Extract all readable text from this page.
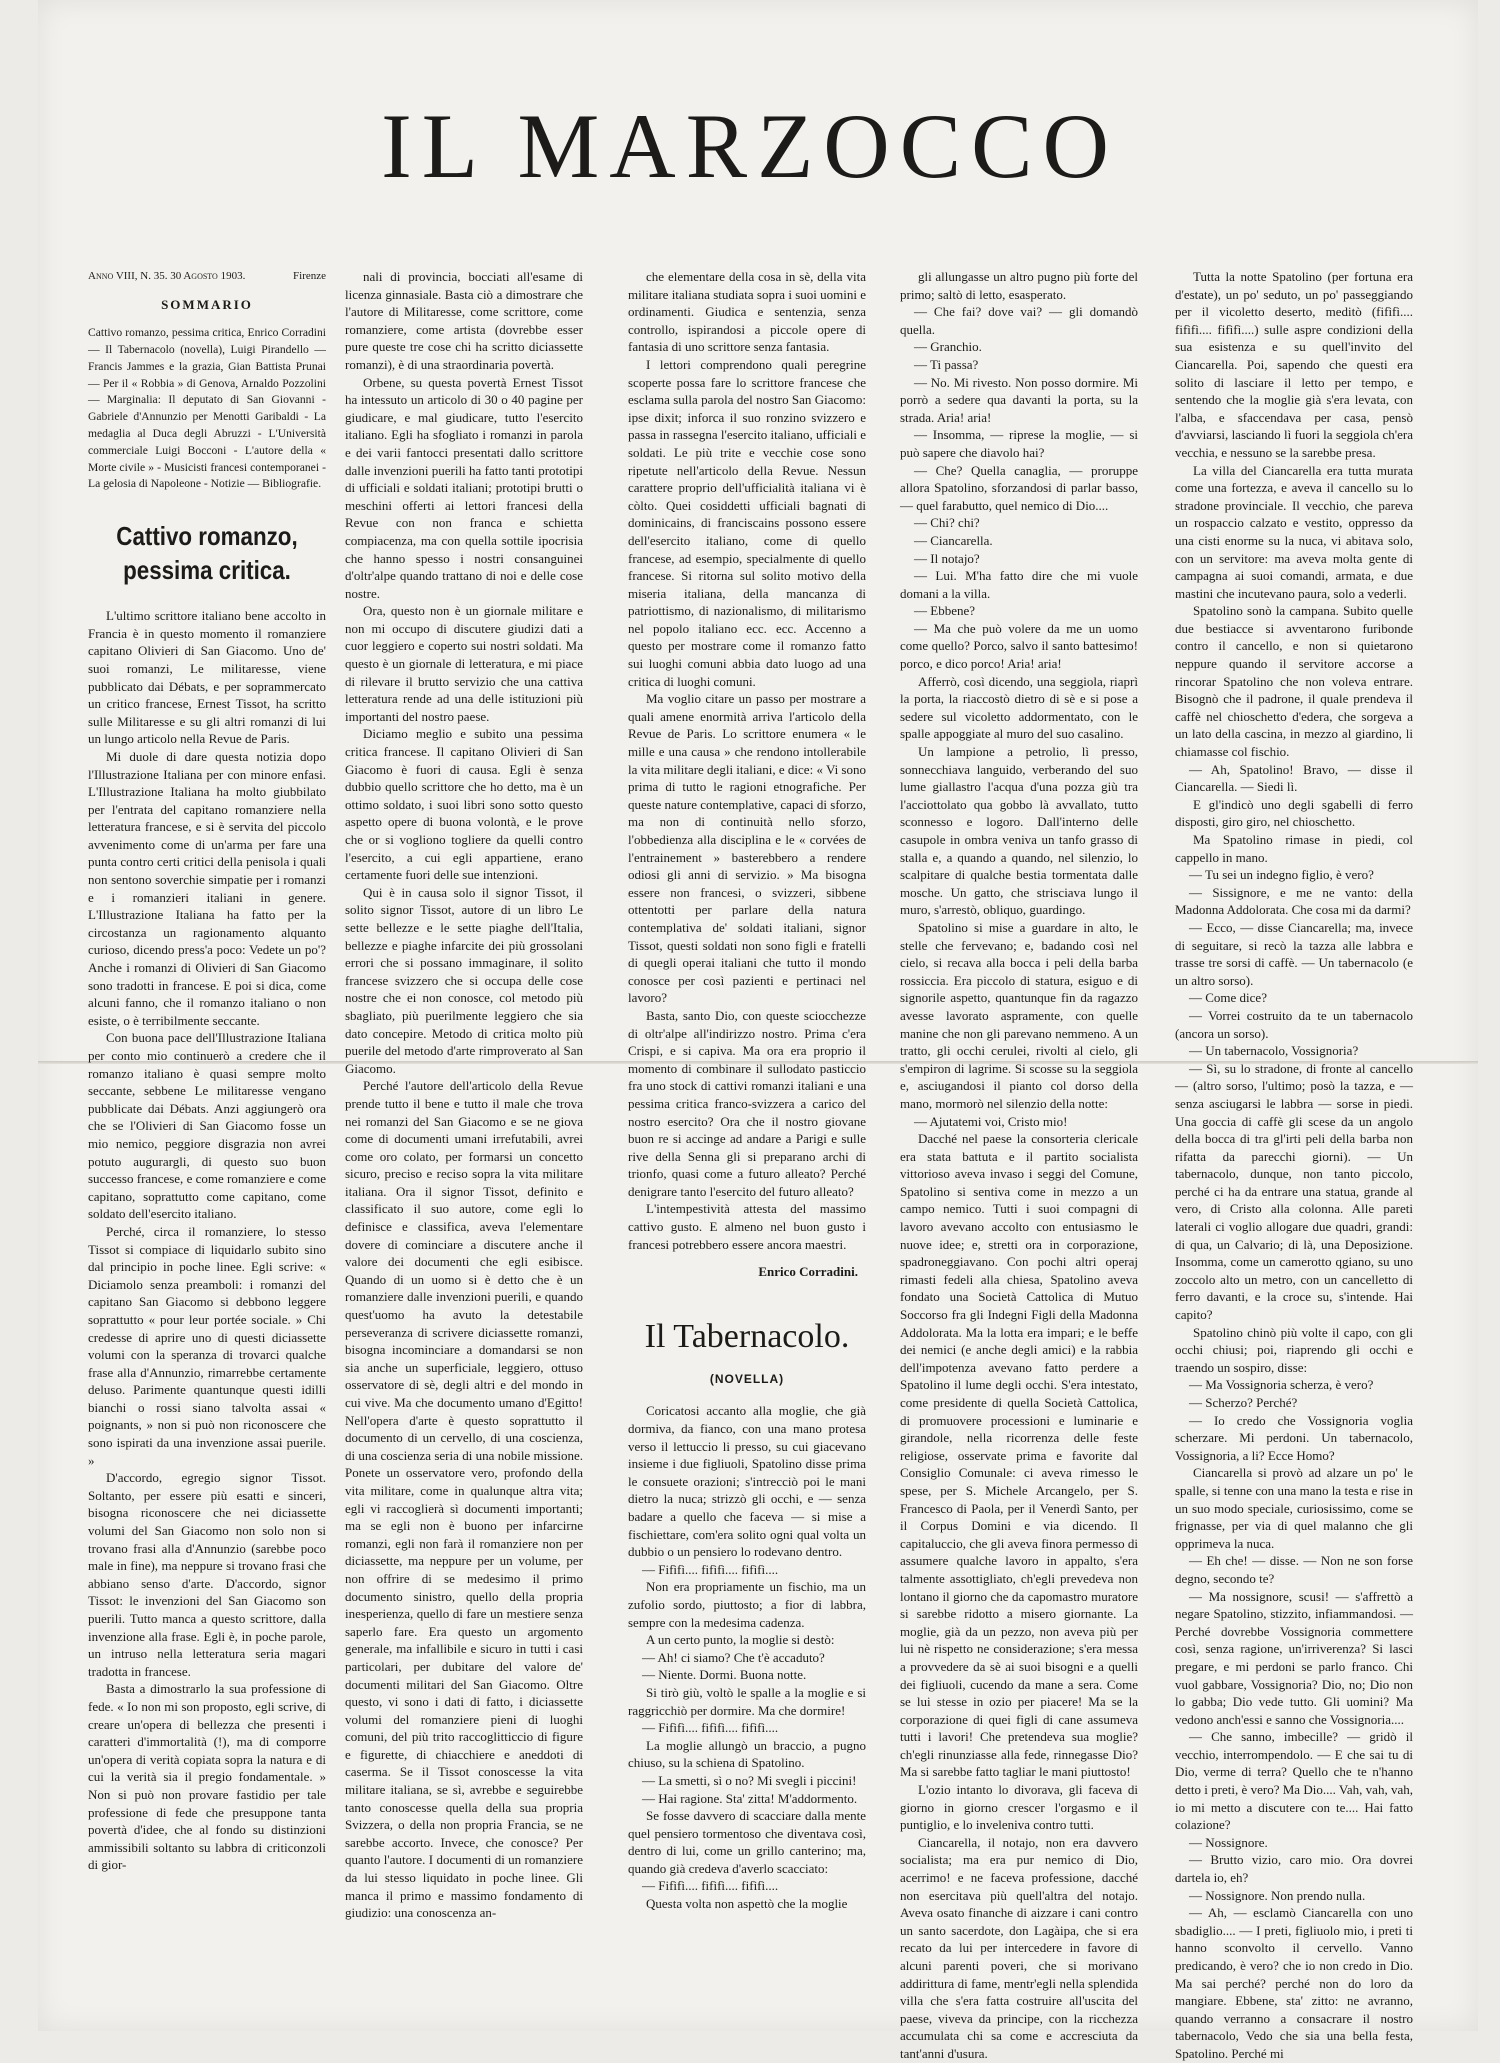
IL MARZOCCO
Anno VIII, N. 35. 30 Agosto 1903.	Firenze
SOMMARIO

Cattivo romanzo, pessima critica, Enrico Corradini — Il Tabernacolo (novella), Luigi Pirandello — Francis Jammes e la grazia, Gian Battista Prunai — Per il « Robbia » di Genova, Arnaldo Pozzolini — Marginalia: Il deputato di San Giovanni - Gabriele d'Annunzio per Menotti Garibaldi - La medaglia al Duca degli Abruzzi - L'Università commerciale Luigi Bocconi - L'autore della « Morte civile » - Musicisti francesi contemporanei - La gelosia di Napoleone - Notizie — Bibliografie.

Cattivo romanzo,
pessima critica.

L'ultimo scrittore italiano bene accolto in Francia è in questo momento il romanziere capitano Olivieri di San Giacomo. Uno de' suoi romanzi, Le militaresse, viene pubblicato dai Débats, e per soprammercato un critico francese, Ernest Tissot, ha scritto sulle Militaresse e su gli altri romanzi di lui un lungo articolo nella Revue de Paris.

Mi duole di dare questa notizia dopo l'Illustrazione Italiana per con minore enfasi. L'Illustrazione Italiana ha molto giubbilato per l'entrata del capitano romanziere nella letteratura francese, e si è servita del piccolo avvenimento come di un'arma per fare una punta contro certi critici della penisola i quali non sentono soverchie simpatie per i romanzi e i romanzieri italiani in genere. L'Illustrazione Italiana ha fatto per la circostanza un ragionamento alquanto curioso, dicendo press'a poco: Vedete un po'? Anche i romanzi di Olivieri di San Giacomo sono tradotti in francese. E poi si dica, come alcuni fanno, che il romanzo italiano o non esiste, o è terribilmente seccante.

Con buona pace dell'Illustrazione Italiana per conto mio continuerò a credere che il romanzo italiano è quasi sempre molto seccante, sebbene Le militaresse vengano pubblicate dai Débats. Anzi aggiungerò ora che se l'Olivieri di San Giacomo fosse un mio nemico, peggiore disgrazia non avrei potuto augurargli, di questo suo buon successo francese, e come romanziere e come capitano, soprattutto come capitano, come soldato dell'esercito italiano.

Perché, circa il romanziere, lo stesso Tissot si compiace di liquidarlo subito sino dal principio in poche linee. Egli scrive: « Diciamolo senza preamboli: i romanzi del capitano San Giacomo si debbono leggere soprattutto « pour leur portée sociale. » Chi credesse di aprire uno di questi diciassette volumi con la speranza di trovarci qualche frase alla d'Annunzio, rimarrebbe certamente deluso. Parimente quantunque questi idilli bianchi o rossi siano talvolta assai « poignants, » non si può non riconoscere che sono ispirati da una invenzione assai puerile. »

D'accordo, egregio signor Tissot. Soltanto, per essere più esatti e sinceri, bisogna riconoscere che nei diciassette volumi del San Giacomo non solo non si trovano frasi alla d'Annunzio (sarebbe poco male in fine), ma neppure si trovano frasi che abbiano senso d'arte. D'accordo, signor Tissot: le invenzioni del San Giacomo son puerili. Tutto manca a questo scrittore, dalla invenzione alla frase. Egli è, in poche parole, un intruso nella letteratura seria magari tradotta in francese.

Basta a dimostrarlo la sua professione di fede. « Io non mi son proposto, egli scrive, di creare un'opera di bellezza che presenti i caratteri d'immortalità (!), ma di comporre un'opera di verità copiata sopra la natura e di cui la verità sia il pregio fondamentale. » Non si può non provare fastidio per tale professione di fede che presuppone tanta povertà d'idee, che al fondo su distinzioni ammissibili soltanto su labbra di criticonzoli di gior-

nali di provincia, bocciati all'esame di licenza ginnasiale. Basta ciò a dimostrare che l'autore di Militaresse, come scrittore, come romanziere, come artista (dovrebbe esser pure queste tre cose chi ha scritto diciassette romanzi), è di una straordinaria povertà.

Orbene, su questa povertà Ernest Tissot ha intessuto un articolo di 30 o 40 pagine per giudicare, e mal giudicare, tutto l'esercito italiano. Egli ha sfogliato i romanzi in parola e dei varii fantocci presentati dallo scrittore dalle invenzioni puerili ha fatto tanti prototipi di ufficiali e soldati italiani; prototipi brutti o meschini offerti ai lettori francesi della Revue con non franca e schietta compiacenza, ma con quella sottile ipocrisia che hanno spesso i nostri consanguinei d'oltr'alpe quando trattano di noi e delle cose nostre.

Ora, questo non è un giornale militare e non mi occupo di discutere giudizi dati a cuor leggiero e coperto sui nostri soldati. Ma questo è un giornale di letteratura, e mi piace di rilevare il brutto servizio che una cattiva letteratura rende ad una delle istituzioni più importanti del nostro paese.

Diciamo meglio e subito una pessima critica francese. Il capitano Olivieri di San Giacomo è fuori di causa. Egli è senza dubbio quello scrittore che ho detto, ma è un ottimo soldato, i suoi libri sono sotto questo aspetto opere di buona volontà, e le prove che or si vogliono togliere da quelli contro l'esercito, a cui egli appartiene, erano certamente fuori delle sue intenzioni.

Qui è in causa solo il signor Tissot, il solito signor Tissot, autore di un libro Le sette bellezze e le sette piaghe dell'Italia, bellezze e piaghe infarcite dei più grossolani errori che si possano immaginare, il solito francese svizzero che si occupa delle cose nostre che ei non conosce, col metodo più sbagliato, più puerilmente leggiero che sia dato concepire. Metodo di critica molto più puerile del metodo d'arte rimproverato al San Giacomo.

Perché l'autore dell'articolo della Revue prende tutto il bene e tutto il male che trova nei romanzi del San Giacomo e se ne giova come di documenti umani irrefutabili, avrei come oro colato, per formarsi un concetto sicuro, preciso e reciso sopra la vita militare italiana. Ora il signor Tissot, definito e classificato il suo autore, come egli lo definisce e classifica, aveva l'elementare dovere di cominciare a discutere anche il valore dei documenti che egli esibisce. Quando di un uomo si è detto che è un romanziere dalle invenzioni puerili, e quando quest'uomo ha avuto la detestabile perseveranza di scrivere diciassette romanzi, bisogna incominciare a domandarsi se non sia anche un superficiale, leggiero, ottuso osservatore di sè, degli altri e del mondo in cui vive. Ma che documento umano d'Egitto! Nell'opera d'arte è questo soprattutto il documento di un cervello, di una coscienza, di una coscienza seria di una nobile missione. Ponete un osservatore vero, profondo della vita militare, come in qualunque altra vita; egli vi raccoglierà sì documenti importanti; ma se egli non è buono per infarcirne romanzi, egli non farà il romanziere non per diciassette, ma neppure per un volume, per non offrire di se medesimo il primo documento sinistro, quello della propria inesperienza, quello di fare un mestiere senza saperlo fare. Era questo un argomento generale, ma infallibile e sicuro in tutti i casi particolari, per dubitare del valore de' documenti militari del San Giacomo. Oltre questo, vi sono i dati di fatto, i diciassette volumi del romanziere pieni di luoghi comuni, del più trito raccoglitticcio di figure e figurette, di chiacchiere e aneddoti di caserma. Se il Tissot conoscesse la vita militare italiana, se sì, avrebbe e seguirebbe tanto conoscesse quella della sua propria Svizzera, o della non propria Francia, se ne sarebbe accorto. Invece, che conosce? Per quanto l'autore. I documenti di un romanziere da lui stesso liquidato in poche linee. Gli manca il primo e massimo fondamento di giudizio: una conoscenza an-

che elementare della cosa in sè, della vita militare italiana studiata sopra i suoi uomini e ordinamenti. Giudica e sentenzia, senza controllo, ispirandosi a piccole opere di fantasia di uno scrittore senza fantasia.

I lettori comprendono quali peregrine scoperte possa fare lo scrittore francese che esclama sulla parola del nostro San Giacomo: ipse dixit; inforca il suo ronzino svizzero e passa in rassegna l'esercito italiano, ufficiali e soldati. Le più trite e vecchie cose sono ripetute nell'articolo della Revue. Nessun carattere proprio dell'ufficialità italiana vi è còlto. Quei cosiddetti ufficiali bagnati di dominicains, di franciscains possono essere dell'esercito italiano, come di quello francese, ad esempio, specialmente di quello francese. Si ritorna sul solito motivo della miseria italiana, della mancanza di patriottismo, di nazionalismo, di militarismo nel popolo italiano ecc. ecc. Accenno a questo per mostrare come il romanzo fatto sui luoghi comuni abbia dato luogo ad una critica di luoghi comuni.

Ma voglio citare un passo per mostrare a quali amene enormità arriva l'articolo della Revue de Paris. Lo scrittore enumera « le mille e una causa » che rendono intollerabile la vita militare degli italiani, e dice: « Vi sono prima di tutto le ragioni etnografiche. Per queste nature contemplative, capaci di sforzo, ma non di continuità nello sforzo, l'obbedienza alla disciplina e le « corvées de l'entrainement » basterebbero a rendere odiosi gli anni di servizio. » Ma bisogna essere non francesi, o svizzeri, sibbene ottentotti per parlare della natura contemplativa de' soldati italiani, signor Tissot, questi soldati non sono figli e fratelli di quegli operai italiani che tutto il mondo conosce per così pazienti e pertinaci nel lavoro?

Basta, santo Dio, con queste sciocchezze di oltr'alpe all'indirizzo nostro. Prima c'era Crispi, e si capiva. Ma ora era proprio il momento di combinare il sullodato pasticcio fra uno stock di cattivi romanzi italiani e una pessima critica franco-svizzera a carico del nostro esercito? Ora che il nostro giovane buon re si accinge ad andare a Parigi e sulle rive della Senna gli si preparano archi di trionfo, quasi come a futuro alleato? Perché denigrare tanto l'esercito del futuro alleato?

L'intempestività attesta del massimo cattivo gusto. E almeno nel buon gusto i francesi potrebbero essere ancora maestri.

Enrico Corradini.

Il Tabernacolo.
(NOVELLA)

Coricatosi accanto alla moglie, che già dormiva, da fianco, con una mano protesa verso il lettuccio li presso, su cui giacevano insieme i due figliuoli, Spatolino disse prima le consuete orazioni; s'intrecciò poi le mani dietro la nuca; strizzò gli occhi, e — senza badare a quello che faceva — si mise a fischiettare, com'era solito ogni qual volta un dubbio o un pensiero lo rodevano dentro.

— Fifìfì.... fifìfì.... fifìfì....

Non era propriamente un fischio, ma un zufolio sordo, piuttosto; a fior di labbra, sempre con la medesima cadenza.

A un certo punto, la moglie si destò:

— Ah! ci siamo? Che t'è accaduto?

— Niente. Dormi. Buona notte.

Si tirò giù, voltò le spalle a la moglie e si raggricchiò per dormire. Ma che dormire!

— Fifìfì.... fifìfì.... fifìfì....

La moglie allungò un braccio, a pugno chiuso, su la schiena di Spatolino.

— La smetti, sì o no? Mi svegli i piccini!

— Hai ragione. Sta' zitta! M'addormento.

Se fosse davvero di scacciare dalla mente quel pensiero tormentoso che diventava così, dentro di lui, come un grillo canterino; ma, quando già credeva d'averlo scacciato:

— Fifìfì.... fifìfì.... fifìfì....

Questa volta non aspettò che la moglie

gli allungasse un altro pugno più forte del primo; saltò di letto, esasperato.

— Che fai? dove vai? — gli domandò quella.

— Granchio.

— Ti passa?

— No. Mi rivesto. Non posso dormire. Mi porrò a sedere qua davanti la porta, su la strada. Aria! aria!

— Insomma, — riprese la moglie, — si può sapere che diavolo hai?

— Che? Quella canaglia, — proruppe allora Spatolino, sforzandosi di parlar basso, — quel farabutto, quel nemico di Dio....

— Chi? chi?

— Ciancarella.

— Il notajo?

— Lui. M'ha fatto dire che mi vuole domani a la villa.

— Ebbene?

— Ma che può volere da me un uomo come quello? Porco, salvo il santo battesimo! porco, e dico porco! Aria! aria!

Afferrò, così dicendo, una seggiola, riaprì la porta, la riaccostò dietro di sè e si pose a sedere sul vicoletto addormentato, con le spalle appoggiate al muro del suo casalino.

Un lampione a petrolio, lì presso, sonnecchiava languido, verberando del suo lume giallastro l'acqua d'una pozza giù tra l'acciottolato qua gobbo là avvallato, tutto sconnesso e logoro. Dall'interno delle casupole in ombra veniva un tanfo grasso di stalla e, a quando a quando, nel silenzio, lo scalpitare di qualche bestia tormentata dalle mosche. Un gatto, che strisciava lungo il muro, s'arrestò, obliquo, guardingo.

Spatolino si mise a guardare in alto, le stelle che fervevano; e, badando così nel cielo, si recava alla bocca i peli della barba rossiccia. Era piccolo di statura, esiguo e di signorile aspetto, quantunque fin da ragazzo avesse lavorato aspramente, con quelle manine che non gli parevano nemmeno. A un tratto, gli occhi cerulei, rivolti al cielo, gli s'empiron di lagrime. Si scosse su la seggiola e, asciugandosi il pianto col dorso della mano, mormorò nel silenzio della notte:

— Ajutatemi voi, Cristo mio!

Dacché nel paese la consorteria clericale era stata battuta e il partito socialista vittorioso aveva invaso i seggi del Comune, Spatolino si sentiva come in mezzo a un campo nemico. Tutti i suoi compagni di lavoro avevano accolto con entusiasmo le nuove idee; e, stretti ora in corporazione, spadroneggiavano. Con pochi altri operaj rimasti fedeli alla chiesa, Spatolino aveva fondato una Società Cattolica di Mutuo Soccorso fra gli Indegni Figli della Madonna Addolorata. Ma la lotta era impari; e le beffe dei nemici (e anche degli amici) e la rabbia dell'impotenza avevano fatto perdere a Spatolino il lume degli occhi. S'era intestato, come presidente di quella Società Cattolica, di promuovere processioni e luminarie e girandole, nella ricorrenza delle feste religiose, osservate prima e favorite dal Consiglio Comunale: ci aveva rimesso le spese, per S. Michele Arcangelo, per S. Francesco di Paola, per il Venerdì Santo, per il Corpus Domini e via dicendo. Il capitaluccio, che gli aveva finora permesso di assumere qualche lavoro in appalto, s'era talmente assottigliato, ch'egli prevedeva non lontano il giorno che da capomastro muratore si sarebbe ridotto a misero giornante. La moglie, già da un pezzo, non aveva più per lui nè rispetto ne considerazione; s'era messa a provvedere da sè ai suoi bisogni e a quelli dei figliuoli, cucendo da mane a sera. Come se lui stesse in ozio per piacere! Ma se la corporazione di quei figli di cane assumeva tutti i lavori! Che pretendeva sua moglie? ch'egli rinunziasse alla fede, rinnegasse Dio? Ma si sarebbe fatto tagliar le mani piuttosto!

L'ozio intanto lo divorava, gli faceva di giorno in giorno crescer l'orgasmo e il puntiglio, e lo inveleniva contro tutti.

Ciancarella, il notajo, non era davvero socialista; ma era pur nemico di Dio, acerrimo! e ne faceva professione, dacché non esercitava più quell'altra del notajo. Aveva osato finanche di aizzare i cani contro un santo sacerdote, don Lagàipa, che si era recato da lui per intercedere in favore di alcuni parenti poveri, che si morivano addirittura di fame, mentr'egli nella splendida villa che s'era fatta costruire all'uscita del paese, viveva da principe, con la ricchezza accumulata chi sa come e accresciuta da tant'anni d'usura.

Tutta la notte Spatolino (per fortuna era d'estate), un po' seduto, un po' passeggiando per il vicoletto deserto, meditò (fifìfì.... fifìfì.... fifìfì....) sulle aspre condizioni della sua esistenza e su quell'invito del Ciancarella. Poi, sapendo che questi era solito di lasciare il letto per tempo, e sentendo che la moglie già s'era levata, con l'alba, e sfaccendava per casa, pensò d'avviarsi, lasciando lì fuori la seggiola ch'era vecchia, e nessuno se la sarebbe presa.

La villa del Ciancarella era tutta murata come una fortezza, e aveva il cancello su lo stradone provinciale. Il vecchio, che pareva un rospaccio calzato e vestito, oppresso da una cisti enorme su la nuca, vi abitava solo, con un servitore: ma aveva molta gente di campagna ai suoi comandi, armata, e due mastini che incutevano paura, solo a vederli.

Spatolino sonò la campana. Subito quelle due bestiacce si avventarono furibonde contro il cancello, e non si quietarono neppure quando il servitore accorse a rincorar Spatolino che non voleva entrare. Bisognò che il padrone, il quale prendeva il caffè nel chioschetto d'edera, che sorgeva a un lato della cascina, in mezzo al giardino, li chiamasse col fischio.

— Ah, Spatolino! Bravo, — disse il Ciancarella. — Siedi lì.

E gl'indicò uno degli sgabelli di ferro disposti, giro giro, nel chioschetto.

Ma Spatolino rimase in piedi, col cappello in mano.

— Tu sei un indegno figlio, è vero?

— Sissignore, e me ne vanto: della Madonna Addolorata. Che cosa mi da darmi?

— Ecco, — disse Ciancarella; ma, invece di seguitare, si recò la tazza alle labbra e trasse tre sorsi di caffè. — Un tabernacolo (e un altro sorso).

— Come dice?

— Vorrei costruito da te un tabernacolo (ancora un sorso).

— Un tabernacolo, Vossignoria?

— Sì, su lo stradone, di fronte al cancello — (altro sorso, l'ultimo; posò la tazza, e — senza asciugarsi le labbra — sorse in piedi. Una goccia di caffè gli scese da un angolo della bocca di tra gl'irti peli della barba non rifatta da parecchi giorni). — Un tabernacolo, dunque, non tanto piccolo, perché ci ha da entrare una statua, grande al vero, di Cristo alla colonna. Alle pareti laterali ci voglio allogare due quadri, grandi: di qua, un Calvario; di là, una Deposizione. Insomma, come un camerotto qgiano, su uno zoccolo alto un metro, con un cancelletto di ferro davanti, e la croce su, s'intende. Hai capito?

Spatolino chinò più volte il capo, con gli occhi chiusi; poi, riaprendo gli occhi e traendo un sospiro, disse:

— Ma Vossignoria scherza, è vero?

— Scherzo? Perché?

— Io credo che Vossignoria voglia scherzare. Mi perdoni. Un tabernacolo, Vossignoria, a li? Ecce Homo?

Ciancarella si provò ad alzare un po' le spalle, si tenne con una mano la testa e rise in un suo modo speciale, curiosissimo, come se frignasse, per via di quel malanno che gli opprimeva la nuca.

— Eh che! — disse. — Non ne son forse degno, secondo te?

— Ma nossignore, scusi! — s'affrettò a negare Spatolino, stizzito, infiammandosi. — Perché dovrebbe Vossignoria commettere così, senza ragione, un'irriverenza? Si lasci pregare, e mi perdoni se parlo franco. Chi vuol gabbare, Vossignoria? Dio, no; Dio non lo gabba; Dio vede tutto. Gli uomini? Ma vedono anch'essi e sanno che Vossignoria....

— Che sanno, imbecille? — gridò il vecchio, interrompendolo. — E che sai tu di Dio, verme di terra? Quello che te n'hanno detto i preti, è vero? Ma Dio.... Vah, vah, vah, io mi metto a discutere con te.... Hai fatto colazione?

— Nossignore.

— Brutto vizio, caro mio. Ora dovrei dartela io, eh?

— Nossignore. Non prendo nulla.

— Ah, — esclamò Ciancarella con uno sbadiglio.... — I preti, figliuolo mio, i preti ti hanno sconvolto il cervello. Vanno predicando, è vero? che io non credo in Dio. Ma sai perché? perché non do loro da mangiare. Ebbene, sta' zitto: ne avranno, quando verranno a consacrare il nostro tabernacolo, Vedo che sia una bella festa, Spatolino. Perché mi
